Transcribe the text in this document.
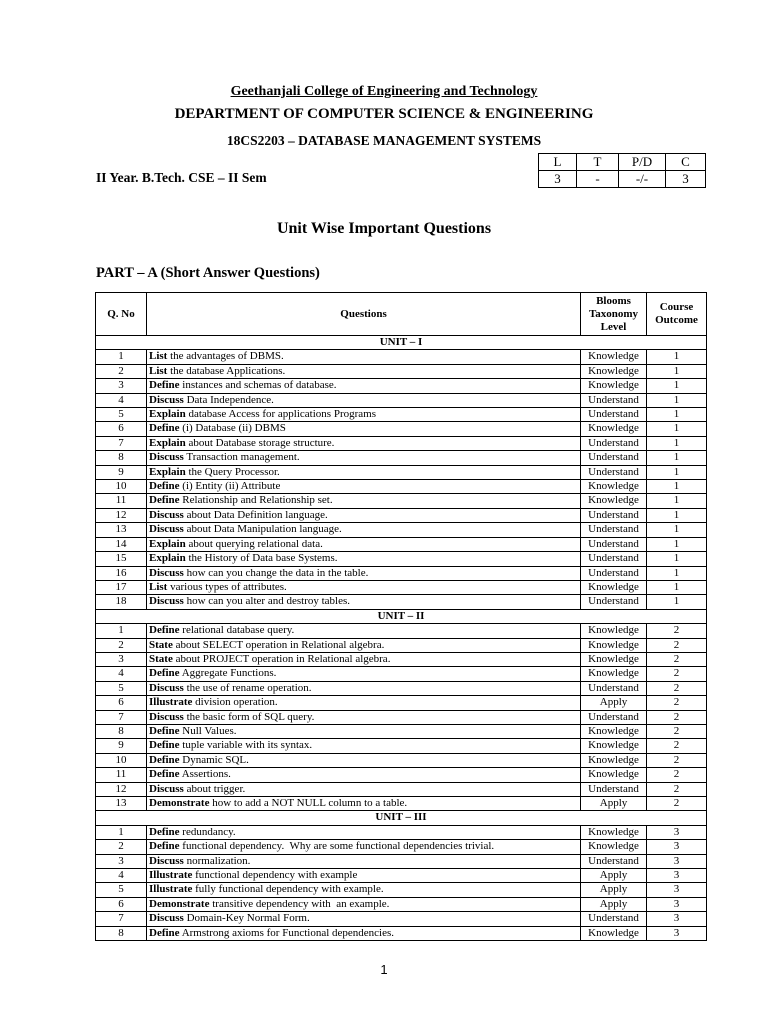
Geethanjali College of Engineering and Technology
DEPARTMENT OF COMPUTER SCIENCE & ENGINEERING
18CS2203 – DATABASE MANAGEMENT SYSTEMS
II Year. B.Tech. CSE – II Sem
L	T	P/D	C
3	-	-/-	3
Unit Wise Important Questions
PART – A (Short Answer Questions)
Q. No	Questions	Blooms Taxonomy Level	Course Outcome
UNIT – I			
1	List the advantages of DBMS.	Knowledge	1
2	List the database Applications.	Knowledge	1
3	Define instances and schemas of database.	Knowledge	1
4	Discuss Data Independence.	Understand	1
5	Explain database Access for applications Programs	Understand	1
6	Define (i) Database (ii) DBMS	Knowledge	1
7	Explain about Database storage structure.	Understand	1
8	Discuss Transaction management.	Understand	1
9	Explain the Query Processor.	Understand	1
10	Define (i) Entity (ii) Attribute	Knowledge	1
11	Define Relationship and Relationship set.	Knowledge	1
12	Discuss about Data Definition language.	Understand	1
13	Discuss about Data Manipulation language.	Understand	1
14	Explain about querying relational data.	Understand	1
15	Explain the History of Data base Systems.	Understand	1
16	Discuss how can you change the data in the table.	Understand	1
17	List various types of attributes.	Knowledge	1
18	Discuss how can you alter and destroy tables.	Understand	1
UNIT – II			
1	Define relational database query.	Knowledge	2
2	State about SELECT operation in Relational algebra.	Knowledge	2
3	State about PROJECT operation in Relational algebra.	Knowledge	2
4	Define Aggregate Functions.	Knowledge	2
5	Discuss the use of rename operation.	Understand	2
6	Illustrate division operation.	Apply	2
7	Discuss the basic form of SQL query.	Understand	2
8	Define Null Values.	Knowledge	2
9	Define tuple variable with its syntax.	Knowledge	2
10	Define Dynamic SQL.	Knowledge	2
11	Define Assertions.	Knowledge	2
12	Discuss about trigger.	Understand	2
13	Demonstrate how to add a NOT NULL column to a table.	Apply	2
UNIT – III			
1	Define redundancy.	Knowledge	3
2	Define functional dependency.  Why are some functional dependencies trivial.	Knowledge	3
3	Discuss normalization.	Understand	3
4	Illustrate functional dependency with example	Apply	3
5	Illustrate fully functional dependency with example.	Apply	3
6	Demonstrate transitive dependency with  an example.	Apply	3
7	Discuss Domain-Key Normal Form.	Understand	3
8	Define Armstrong axioms for Functional dependencies.	Knowledge	3
1
